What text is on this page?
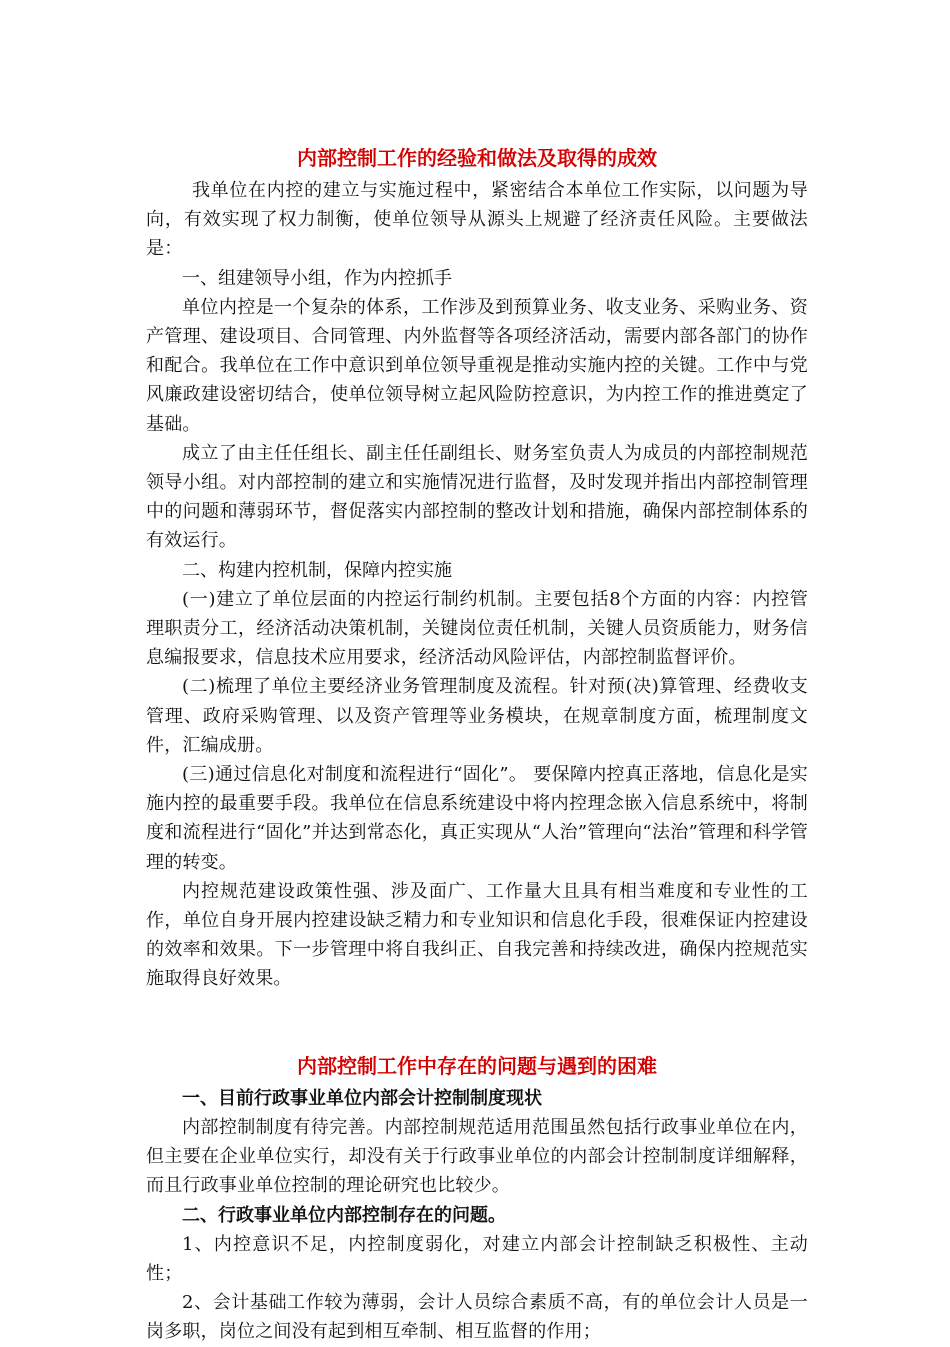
内部控制工作的经验和做法及取得的成效

我单位在内控的建立与实施过程中，紧密结合本单位工作实际，以问题为导向，有效实现了权力制衡，使单位领导从源头上规避了经济责任风险。主要做法是：

一、组建领导小组，作为内控抓手

单位内控是一个复杂的体系，工作涉及到预算业务、收支业务、采购业务、资产管理、建设项目、合同管理、内外监督等各项经济活动，需要内部各部门的协作和配合。我单位在工作中意识到单位领导重视是推动实施内控的关键。工作中与党风廉政建设密切结合，使单位领导树立起风险防控意识，为内控工作的推进奠定了基础。

成立了由主任任组长、副主任任副组长、财务室负责人为成员的内部控制规范领导小组。对内部控制的建立和实施情况进行监督，及时发现并指出内部控制管理中的问题和薄弱环节，督促落实内部控制的整改计划和措施，确保内部控制体系的有效运行。

二、构建内控机制，保障内控实施

(一)建立了单位层面的内控运行制约机制。主要包括8个方面的内容：内控管理职责分工，经济活动决策机制，关键岗位责任机制，关键人员资质能力，财务信息编报要求，信息技术应用要求，经济活动风险评估，内部控制监督评价。

(二)梳理了单位主要经济业务管理制度及流程。针对预(决)算管理、经费收支管理、政府采购管理、以及资产管理等业务模块，在规章制度方面，梳理制度文件，汇编成册。

(三)通过信息化对制度和流程进行“固化”。 要保障内控真正落地，信息化是实施内控的最重要手段。我单位在信息系统建设中将内控理念嵌入信息系统中，将制度和流程进行“固化”并达到常态化，真正实现从“人治”管理向“法治”管理和科学管理的转变。

内控规范建设政策性强、涉及面广、工作量大且具有相当难度和专业性的工作，单位自身开展内控建设缺乏精力和专业知识和信息化手段，很难保证内控建设的效率和效果。下一步管理中将自我纠正、自我完善和持续改进，确保内控规范实施取得良好效果。

内部控制工作中存在的问题与遇到的困难

一、目前行政事业单位内部会计控制制度现状

内部控制制度有待完善。内部控制规范适用范围虽然包括行政事业单位在内，但主要在企业单位实行，却没有关于行政事业单位的内部会计控制制度详细解释，而且行政事业单位控制的理论研究也比较少。

二、行政事业单位内部控制存在的问题。

1、内控意识不足，内控制度弱化，对建立内部会计控制缺乏积极性、主动性；

2、会计基础工作较为薄弱，会计人员综合素质不高，有的单位会计人员是一岗多职，岗位之间没有起到相互牵制、相互监督的作用；
